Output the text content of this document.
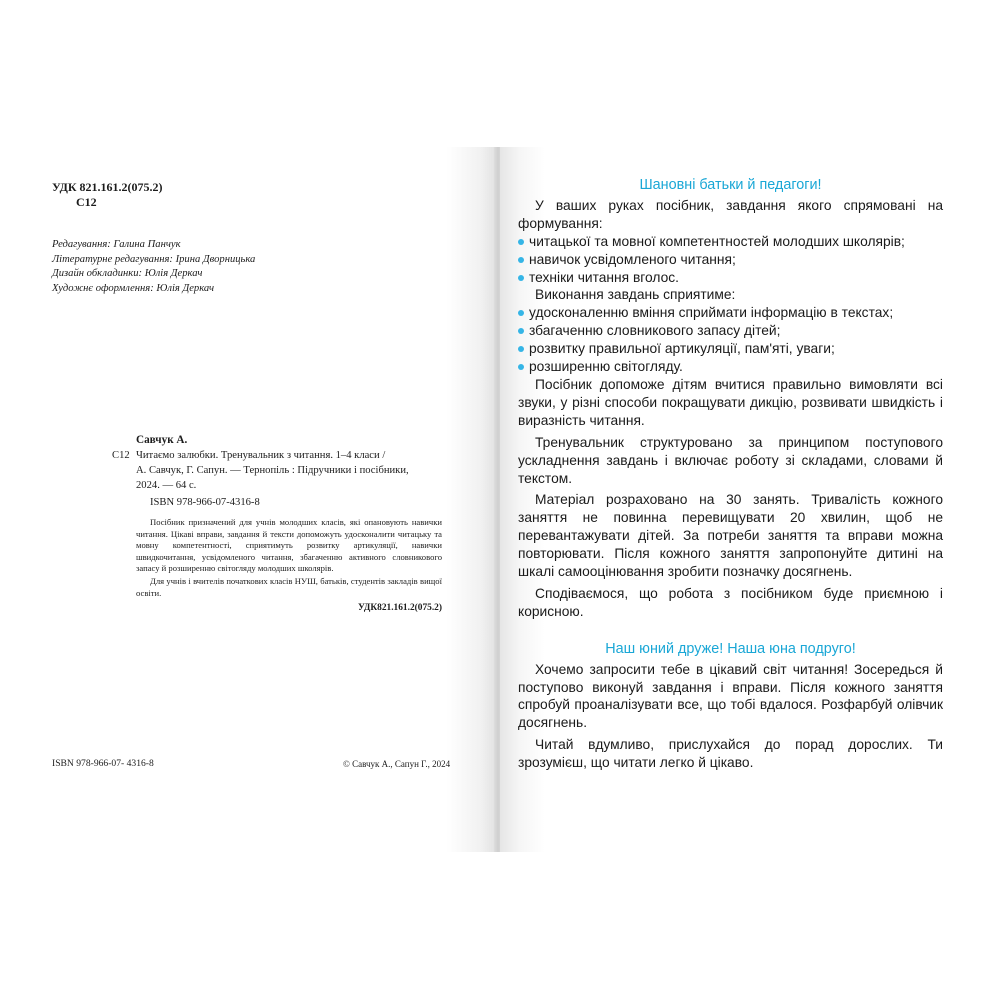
УДК 821.161.2(075.2)
С12
Редагування: Галина Панчук
Літературне редагування: Ірина Дворницька
Дизайн обкладинки: Юлія Деркач
Художнє оформлення: Юлія Деркач
Савчук А.
С12 Читаємо залюбки. Тренувальник з читання. 1–4 класи /
А. Савчук, Г. Сапун. — Тернопіль : Підручники і посібники,
2024. — 64 с.
ISBN 978-966-07-4316-8
Посібник призначений для учнів молодших класів, які опановують навички читання. Цікаві вправи, завдання й тексти допоможуть удосконалити читацьку та мовну компетентності, сприятимуть розвитку артикуляції, навички швидкочитання, усвідомленого читання, збагаченню активного словникового запасу й розширенню світогляду молодших школярів.
Для учнів і вчителів початкових класів НУШ, батьків, студентів закладів вищої освіти.
УДК821.161.2(075.2)
ISBN 978-966-07- 4316-8	© Савчук А., Сапун Г., 2024
Шановні батьки й педагоги!

У ваших руках посібник, завдання якого спрямовані на формування:

читацької та мовної компетентностей молодших школярів;
навичок усвідомленого читання;
техніки читання вголос.

Виконання завдань сприятиме:

удосконаленню вміння сприймати інформацію в текстах;
збагаченню словникового запасу дітей;
розвитку правильної артикуляції, пам'яті, уваги;
розширенню світогляду.

Посібник допоможе дітям вчитися правильно вимовляти всі звуки, у різні способи покращувати дикцію, розвивати швидкість і виразність читання.

Тренувальник структуровано за принципом поступового ускладнення завдань і включає роботу зі складами, словами й текстом.

Матеріал розраховано на 30 занять. Тривалість кожного заняття не повинна перевищувати 20 хвилин, щоб не перевантажувати дітей. За потреби заняття та вправи можна повторювати. Після кожного заняття запропонуйте дитині на шкалі самооцінювання зробити позначку досягнень.

Сподіваємося, що робота з посібником буде приємною і корисною.

Наш юний друже! Наша юна подруго!

Хочемо запросити тебе в цікавий світ читання! Зосередься й поступово виконуй завдання і вправи. Після кожного заняття спробуй проаналізувати все, що тобі вдалося. Розфарбуй олівчик досягнень.

Читай вдумливо, прислухайся до порад дорослих. Ти зрозумієш, що читати легко й цікаво.
